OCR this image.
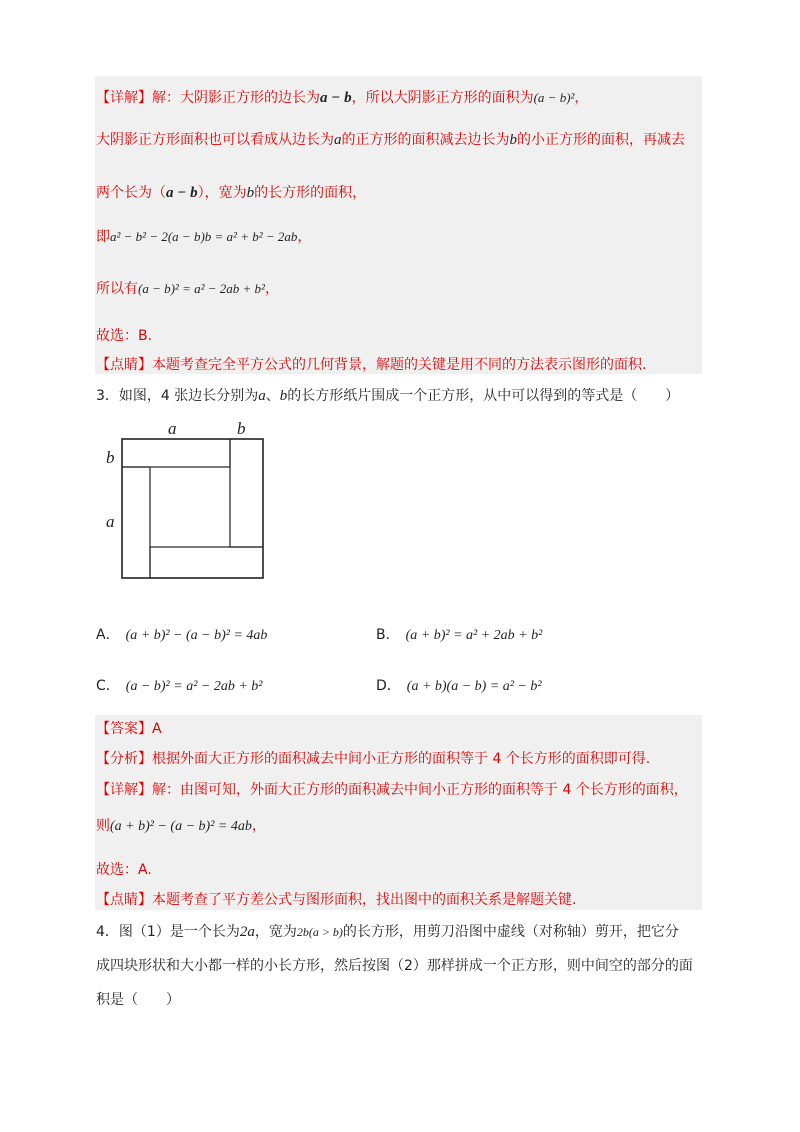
【详解】解：大阴影正方形的边长为a − b，所以大阴影正方形的面积为(a − b)²，
大阴影正方形面积也可以看成从边长为a的正方形的面积减去边长为b的小正方形的面积，再减去
两个长为（a − b），宽为b的长方形的面积，
即a² − b² − 2(a − b)b = a² + b² − 2ab，
所以有(a − b)² = a² − 2ab + b²，
故选：B.
【点睛】本题考查完全平方公式的几何背景，解题的关键是用不同的方法表示图形的面积.
3．如图，4 张边长分别为a、b的长方形纸片围成一个正方形，从中可以得到的等式是（　　）
a	b
b
a
A． (a + b)² − (a − b)² = 4ab	B． (a + b)² = a² + 2ab + b²
C． (a − b)² = a² − 2ab + b²	D． (a + b)(a − b) = a² − b²
【答案】A
【分析】根据外面大正方形的面积减去中间小正方形的面积等于 4 个长方形的面积即可得.
【详解】解：由图可知，外面大正方形的面积减去中间小正方形的面积等于 4 个长方形的面积，
则(a + b)² − (a − b)² = 4ab，
故选：A.
【点睛】本题考查了平方差公式与图形面积，找出图中的面积关系是解题关键.
4．图（1）是一个长为2a，宽为2b(a > b)的长方形，用剪刀沿图中虚线（对称轴）剪开，把它分
成四块形状和大小都一样的小长方形，然后按图（2）那样拼成一个正方形，则中间空的部分的面
积是（　　）
